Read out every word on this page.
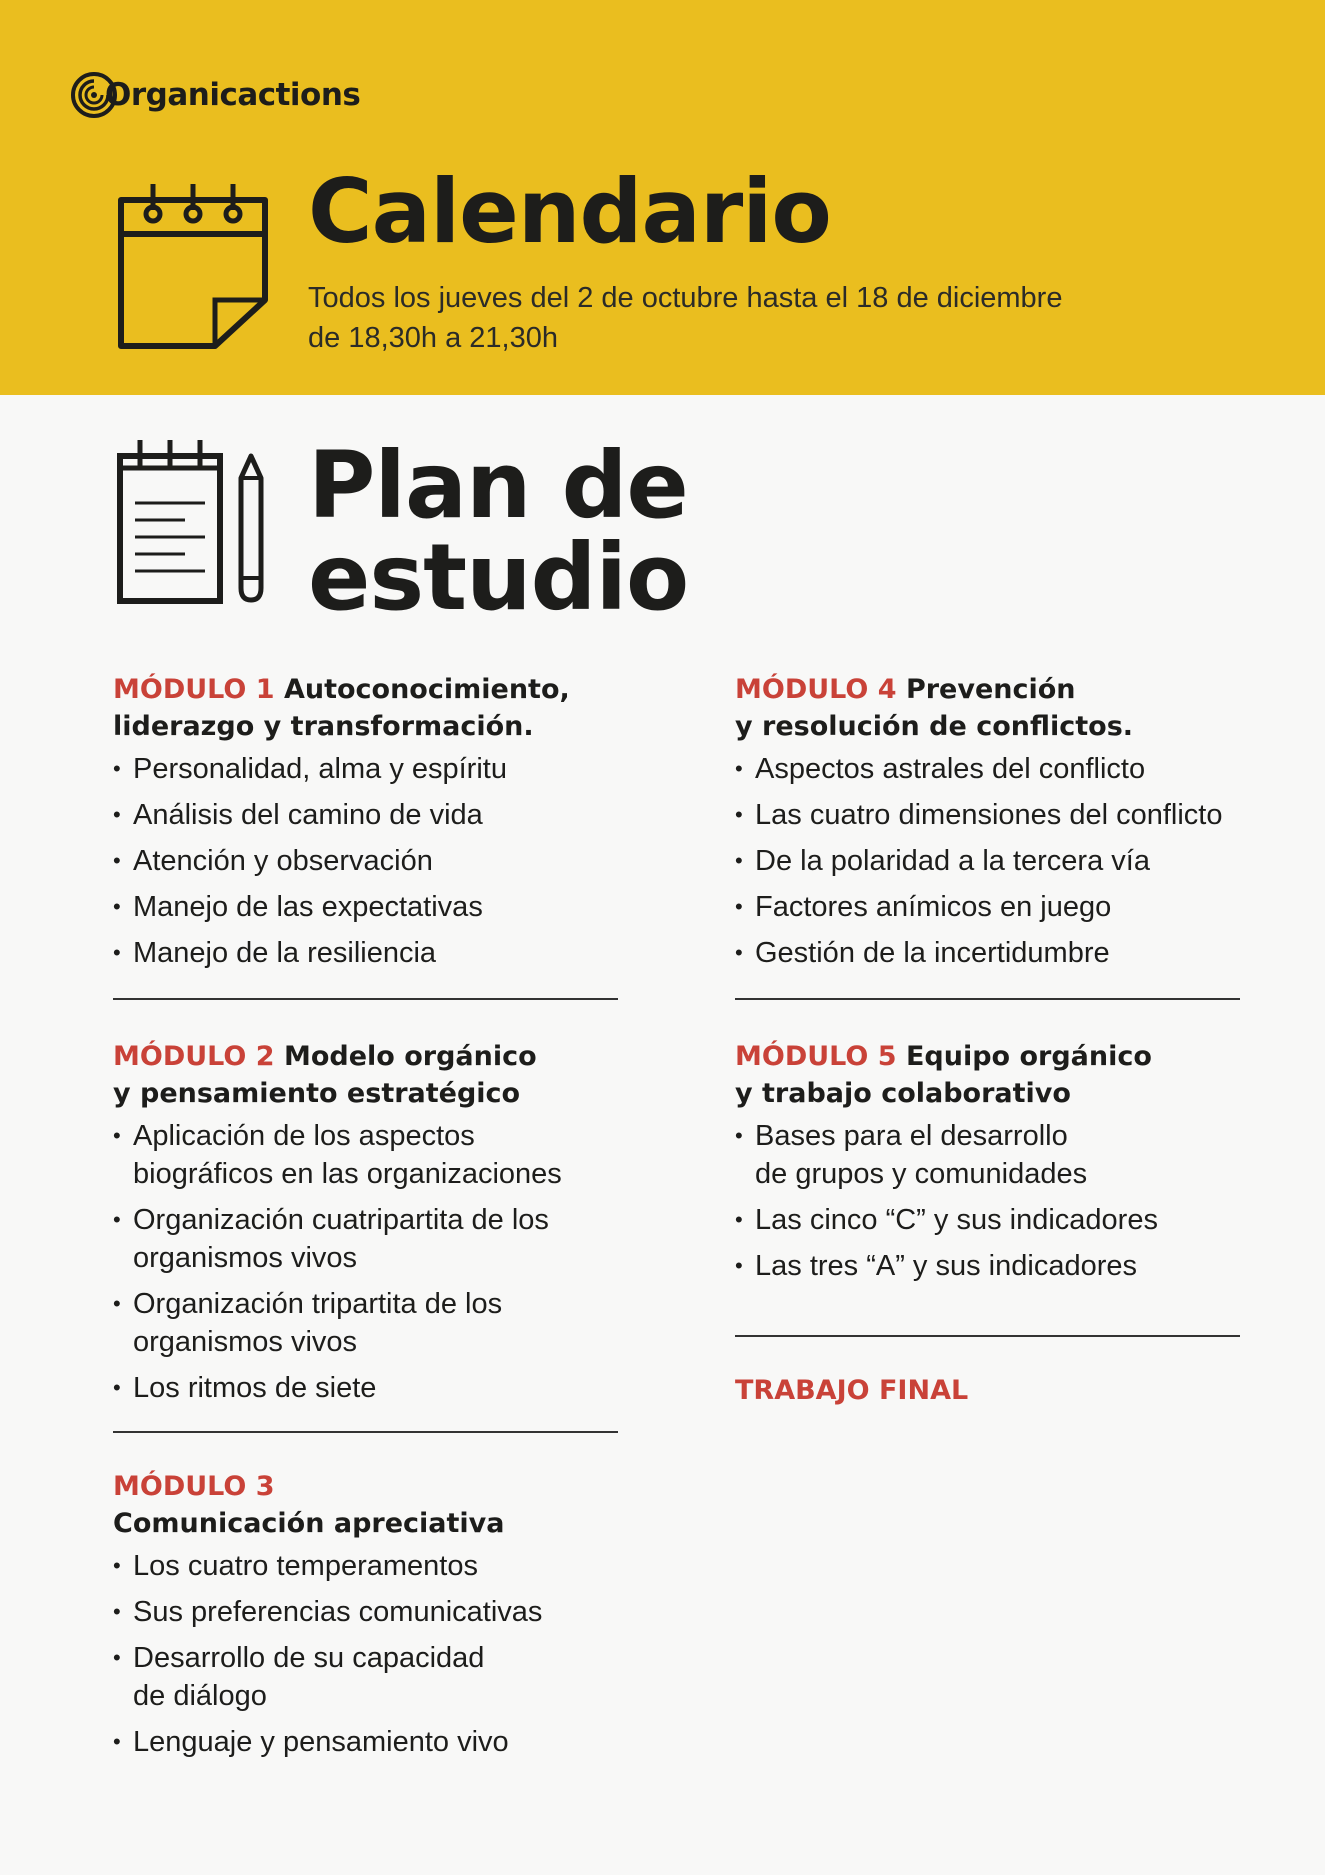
Organicactions
Calendario
Todos los jueves del 2 de octubre hasta el 18 de diciembre
de 18,30h a 21,30h
Plan de
estudio

MÓDULO 1 Autoconocimiento,
liderazgo y transformación.

• Personalidad, alma y espíritu
• Análisis del camino de vida
• Atención y observación
• Manejo de las expectativas
• Manejo de la resiliencia

MÓDULO 2 Modelo orgánico
y pensamiento estratégico

• Aplicación de los aspectos
biográficos en las organizaciones
• Organización cuatripartita de los
organismos vivos
• Organización tripartita de los
organismos vivos
• Los ritmos de siete

MÓDULO 3
Comunicación apreciativa

• Los cuatro temperamentos
• Sus preferencias comunicativas
• Desarrollo de su capacidad
de diálogo
• Lenguaje y pensamiento vivo

MÓDULO 4 Prevención
y resolución de conflictos.

• Aspectos astrales del conflicto
• Las cuatro dimensiones del conflicto
• De la polaridad a la tercera vía
• Factores anímicos en juego
• Gestión de la incertidumbre

MÓDULO 5 Equipo orgánico
y trabajo colaborativo

• Bases para el desarrollo
de grupos y comunidades
• Las cinco “C” y sus indicadores
• Las tres “A” y sus indicadores

TRABAJO FINAL
